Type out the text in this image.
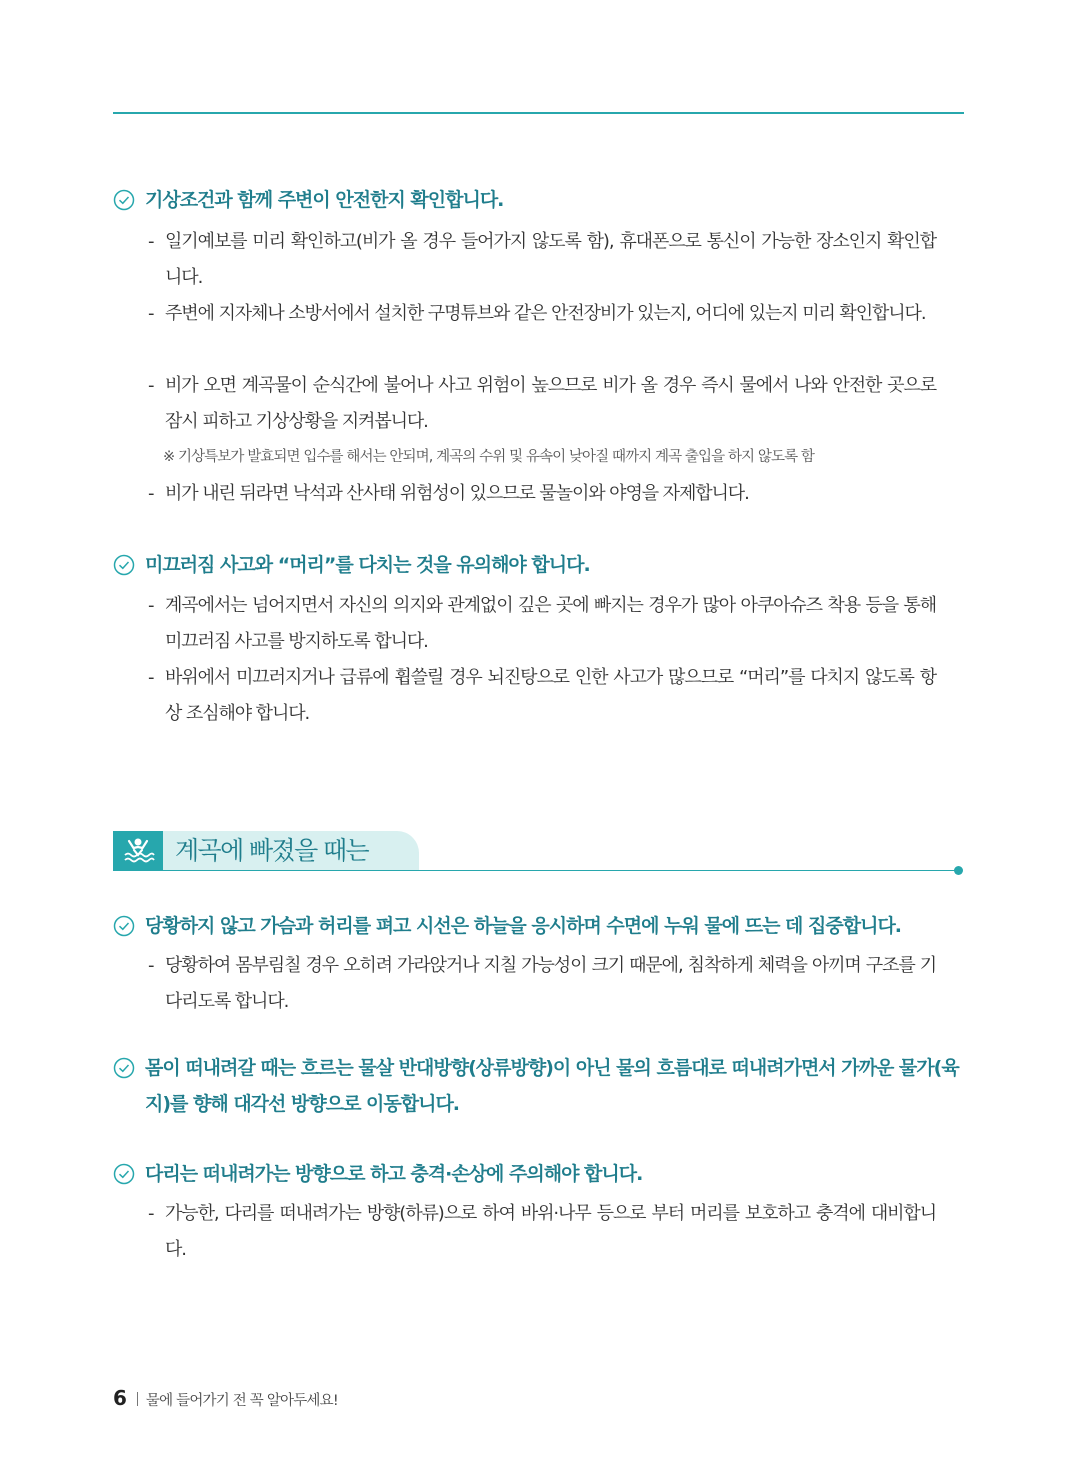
기상조건과 함께 주변이 안전한지 확인합니다.
- 일기예보를 미리 확인하고(비가 올 경우 들어가지 않도록 함), 휴대폰으로 통신이 가능한 장소인지 확인합니다.
- 주변에 지자체나 소방서에서 설치한 구명튜브와 같은 안전장비가 있는지, 어디에 있는지 미리 확인합니다.
- 비가 오면 계곡물이 순식간에 불어나 사고 위험이 높으므로 비가 올 경우 즉시 물에서 나와 안전한 곳으로 잠시 피하고 기상상황을 지켜봅니다.
※ 기상특보가 발효되면 입수를 해서는 안되며, 계곡의 수위 및 유속이 낮아질 때까지 계곡 출입을 하지 않도록 함
- 비가 내린 뒤라면 낙석과 산사태 위험성이 있으므로 물놀이와 야영을 자제합니다.
미끄러짐 사고와 “머리”를 다치는 것을 유의해야 합니다.
- 계곡에서는 넘어지면서 자신의 의지와 관계없이 깊은 곳에 빠지는 경우가 많아 아쿠아슈즈 착용 등을 통해 미끄러짐 사고를 방지하도록 합니다.
- 바위에서 미끄러지거나 급류에 휩쓸릴 경우 뇌진탕으로 인한 사고가 많으므로 “머리”를 다치지 않도록 항상 조심해야 합니다.
계곡에 빠졌을 때는
당황하지 않고 가슴과 허리를 펴고 시선은 하늘을 응시하며 수면에 누워 물에 뜨는 데 집중합니다.
- 당황하여 몸부림칠 경우 오히려 가라앉거나 지칠 가능성이 크기 때문에, 침착하게 체력을 아끼며 구조를 기다리도록 합니다.
몸이 떠내려갈 때는 흐르는 물살 반대방향(상류방향)이 아닌 물의 흐름대로 떠내려가면서 가까운 물가(육지)를 향해 대각선 방향으로 이동합니다.
다리는 떠내려가는 방향으로 하고 충격·손상에 주의해야 합니다.
- 가능한, 다리를 떠내려가는 방향(하류)으로 하여 바위·나무 등으로 부터 머리를 보호하고 충격에 대비합니다.
6 물에 들어가기 전 꼭 알아두세요!
